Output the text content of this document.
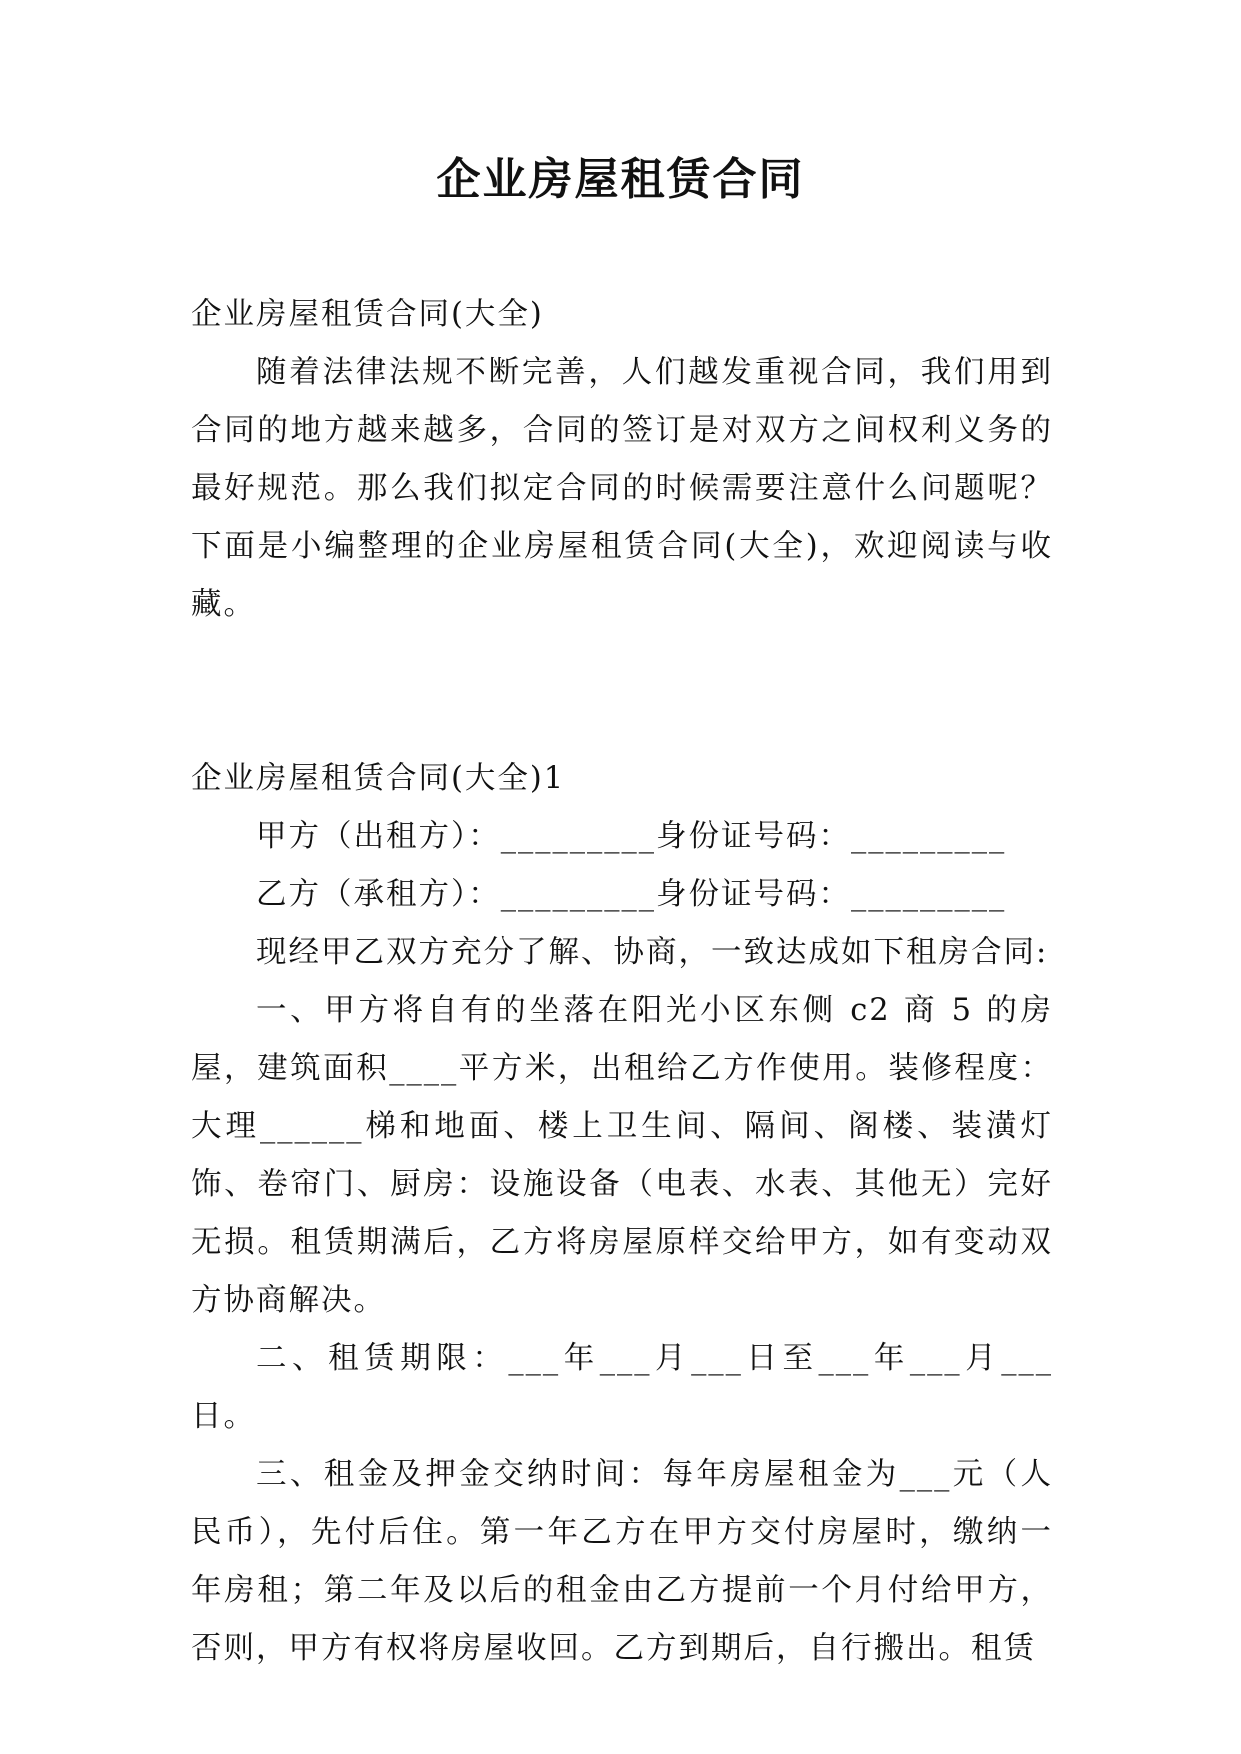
企业房屋租赁合同

企业房屋租赁合同(大全)

随着法律法规不断完善，人们越发重视合同，我们用到合同的地方越来越多，合同的签订是对双方之间权利义务的最好规范。那么我们拟定合同的时候需要注意什么问题呢？下面是小编整理的企业房屋租赁合同(大全)，欢迎阅读与收藏。

企业房屋租赁合同(大全)1

甲方（出租方）：_________身份证号码：_________

乙方（承租方）：_________身份证号码：_________

现经甲乙双方充分了解、协商，一致达成如下租房合同:

一、甲方将自有的坐落在阳光小区东侧 c2 商 5 的房屋，建筑面积____平方米，出租给乙方作使用。装修程度：大理______梯和地面、楼上卫生间、隔间、阁楼、装潢灯饰、卷帘门、厨房：设施设备（电表、水表、其他无）完好无损。租赁期满后，乙方将房屋原样交给甲方，如有变动双方协商解决。

二、租赁期限：___年___月___日至___年___月___日。

三、租金及押金交纳时间：每年房屋租金为___元（人民币），先付后住。第一年乙方在甲方交付房屋时，缴纳一年房租；第二年及以后的租金由乙方提前一个月付给甲方，否则，甲方有权将房屋收回。乙方到期后，自行搬出。租赁
